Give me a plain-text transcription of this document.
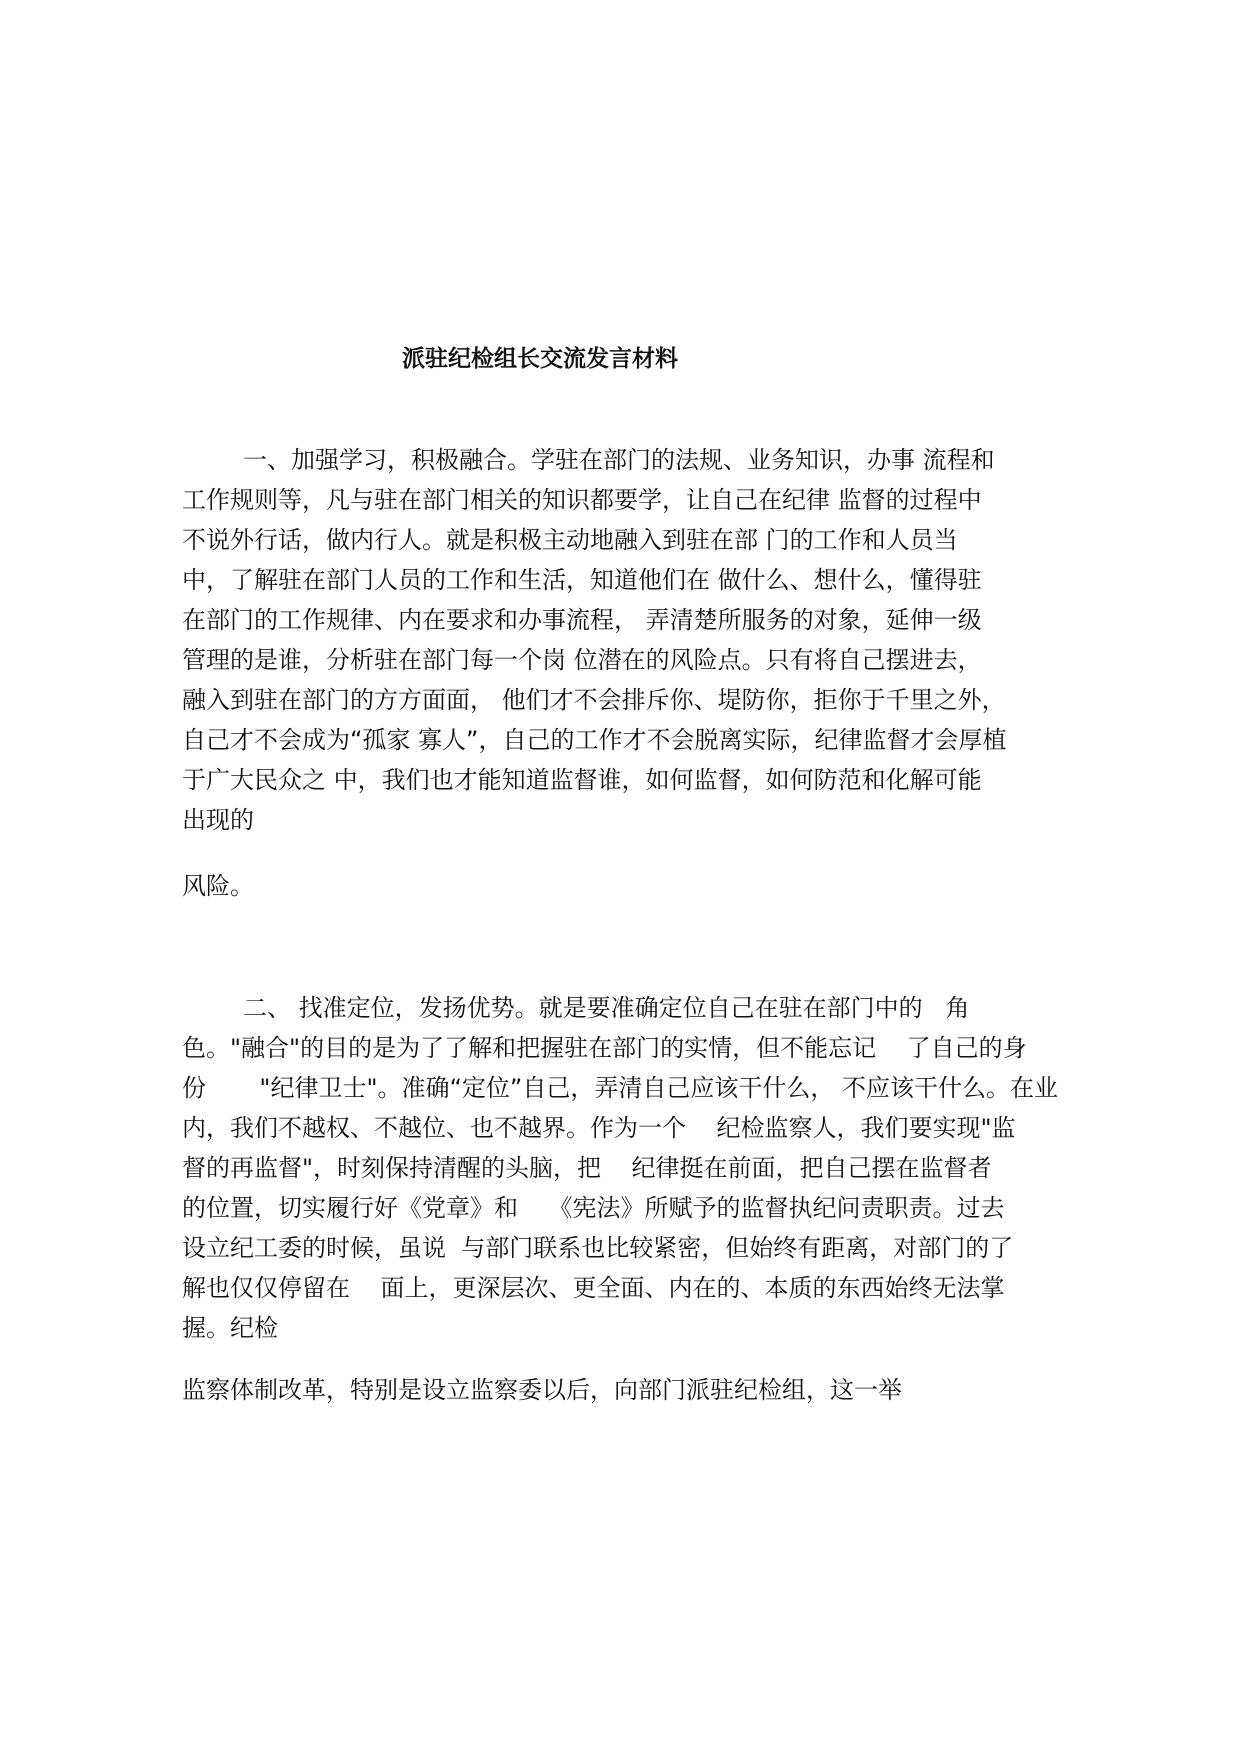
派驻纪检组长交流发言材料
一、加强学习，积极融合。学驻在部门的法规、业务知识，办事 流程和
工作规则等，凡与驻在部门相关的知识都要学，让自己在纪律 监督的过程中
不说外行话，做内行人。就是积极主动地融入到驻在部 门的工作和人员当
中，了解驻在部门人员的工作和生活，知道他们在 做什么、想什么，懂得驻
在部门的工作规律、内在要求和办事流程， 弄清楚所服务的对象，延伸一级
管理的是谁，分析驻在部门每一个岗 位潜在的风险点。只有将自己摆进去，
融入到驻在部门的方方面面， 他们才不会排斥你、堤防你，拒你于千里之外，
自己才不会成为“孤家 寡人”，自己的工作才不会脱离实际，纪律监督才会厚植
于广大民众之 中，我们也才能知道监督谁，如何监督，如何防范和化解可能
出现的
风险。
二、 找准定位，发扬优势。就是要准确定位自己在驻在部门中的   角
色。"融合"的目的是为了了解和把握驻在部门的实情，但不能忘记    了自己的身
份       "纪律卫士"。准确“定位”自己，弄清自己应该干什么， 不应该干什么。在业
内，我们不越权、不越位、也不越界。作为一个    纪检监察人，我们要实现"监
督的再监督"，时刻保持清醒的头脑，把    纪律挺在前面，把自己摆在监督者
的位置，切实履行好《党章》和    《宪法》所赋予的监督执纪问责职责。过去
设立纪工委的时候，虽说  与部门联系也比较紧密，但始终有距离，对部门的了
解也仅仅停留在    面上，更深层次、更全面、内在的、本质的东西始终无法掌
握。纪检
监察体制改革，特别是设立监察委以后，向部门派驻纪检组，这一举
